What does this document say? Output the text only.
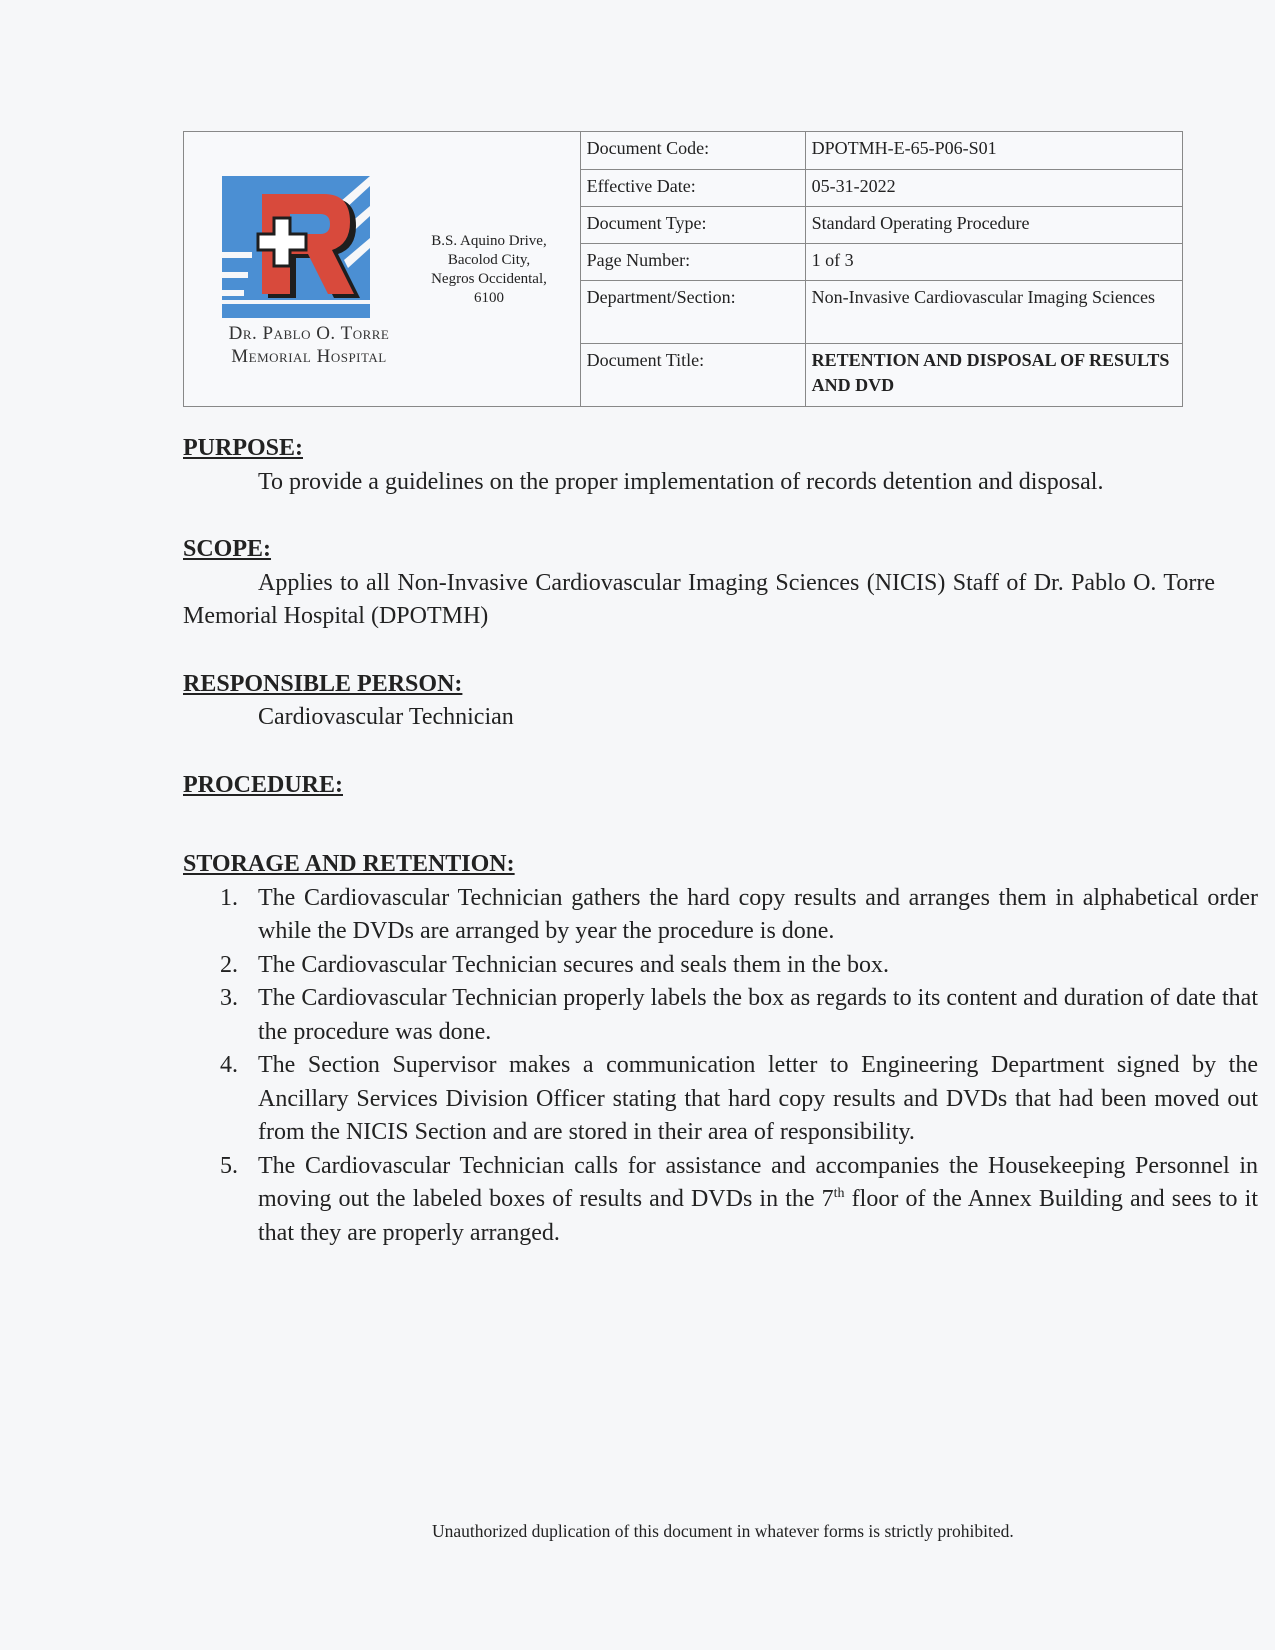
Dr. Pablo O. Torre
Memorial Hospital
B.S. Aquino Drive,
Bacolod City,
Negros Occidental,
6100
Document Code:	DPOTMH-E-65-P06-S01
Effective Date:	05-31-2022
Document Type:	Standard Operating Procedure
Page Number:	1 of 3
Department/Section:	Non-Invasive Cardiovascular Imaging Sciences
Document Title:	RETENTION AND DISPOSAL OF RESULTS AND DVD
PURPOSE:

To provide a guidelines on the proper implementation of records detention and disposal.

SCOPE:

Applies to all Non-Invasive Cardiovascular Imaging Sciences (NICIS) Staff of Dr. Pablo O. Torre Memorial Hospital (DPOTMH)

RESPONSIBLE PERSON:

Cardiovascular Technician

PROCEDURE:
STORAGE AND RETENTION:
1. The Cardiovascular Technician gathers the hard copy results and arranges them in alphabetical order while the DVDs are arranged by year the procedure is done.
2. The Cardiovascular Technician secures and seals them in the box.
3. The Cardiovascular Technician properly labels the box as regards to its content and duration of date that the procedure was done.
4. The Section Supervisor makes a communication letter to Engineering Department signed by the Ancillary Services Division Officer stating that hard copy results and DVDs that had been moved out from the NICIS Section and are stored in their area of responsibility.
5. The Cardiovascular Technician calls for assistance and accompanies the Housekeeping Personnel in moving out the labeled boxes of results and DVDs in the 7th floor of the Annex Building and sees to it that they are properly arranged.
Unauthorized duplication of this document in whatever forms is strictly prohibited.
